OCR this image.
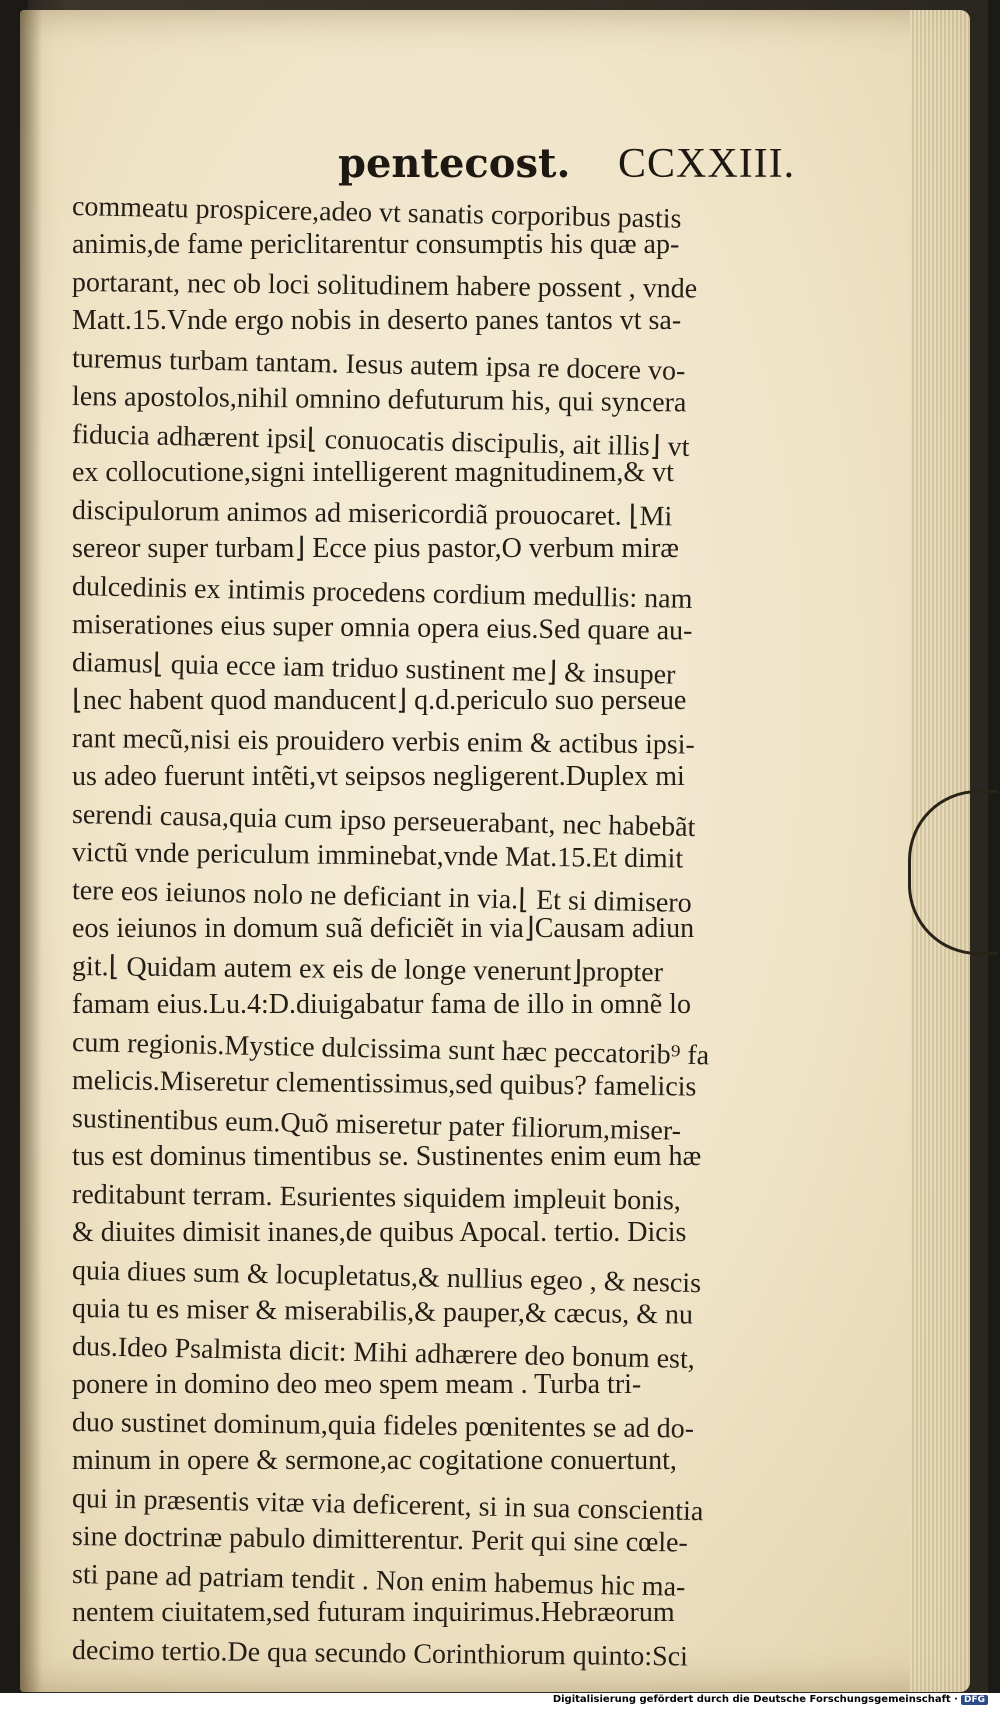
pentecost. CCXXIII.
commeatu prospicere,adeo vt sanatis corporibus pastis
animis,de fame periclitarentur consumptis his quæ ap-
portarant, nec ob loci solitudinem habere possent , vnde
Matt.15.Vnde ergo nobis in deserto panes tantos vt sa-
turemus turbam tantam. Iesus autem ipsa re docere vo-
lens apostolos,nihil omnino defuturum his, qui syncera
fiducia adhærent ipsi⌊ conuocatis discipulis, ait illis⌋ vt
ex collocutione,signi intelligerent magnitudinem,& vt
discipulorum animos ad misericordiã prouocaret. ⌊Mi
sereor super turbam⌋ Ecce pius pastor,O verbum miræ
dulcedinis ex intimis procedens cordium medullis: nam
miserationes eius super omnia opera eius.Sed quare au-
diamus⌊ quia ecce iam triduo sustinent me⌋ & insuper
⌊nec habent quod manducent⌋ q.d.periculo suo perseue
rant mecũ,nisi eis prouidero verbis enim & actibus ipsi-
us adeo fuerunt intẽti,vt seipsos negligerent.Duplex mi
serendi causa,quia cum ipso perseuerabant, nec habebãt
victũ vnde periculum imminebat,vnde Mat.15.Et dimit
tere eos ieiunos nolo ne deficiant in via.⌊ Et si dimisero
eos ieiunos in domum suã deficiẽt in via⌋Causam adiun
git.⌊ Quidam autem ex eis de longe venerunt⌋propter
famam eius.Lu.4:D.diuigabatur fama de illo in omnẽ lo
cum regionis.Mystice dulcissima sunt hæc peccatorib⁹ fa
melicis.Miseretur clementissimus,sed quibus? famelicis
sustinentibus eum.Quõ miseretur pater filiorum,miser-
tus est dominus timentibus se. Sustinentes enim eum hæ
reditabunt terram. Esurientes siquidem impleuit bonis,
& diuites dimisit inanes,de quibus Apocal. tertio. Dicis
quia diues sum & locupletatus,& nullius egeo , & nescis
quia tu es miser & miserabilis,& pauper,& cæcus, & nu
dus.Ideo Psalmista dicit: Mihi adhærere deo bonum est,
ponere in domino deo meo spem meam . Turba tri-
duo sustinet dominum,quia fideles pœnitentes se ad do-
minum in opere & sermone,ac cogitatione conuertunt,
qui in præsentis vitæ via deficerent, si in sua conscientia
sine doctrinæ pabulo dimitterentur. Perit qui sine cœle-
sti pane ad patriam tendit . Non enim habemus hic ma-
nentem ciuitatem,sed futuram inquirimus.Hebræorum
decimo tertio.De qua secundo Corinthiorum quinto:Sci
Digitalisierung gefördert durch die Deutsche Forschungsgemeinschaft · DFG
